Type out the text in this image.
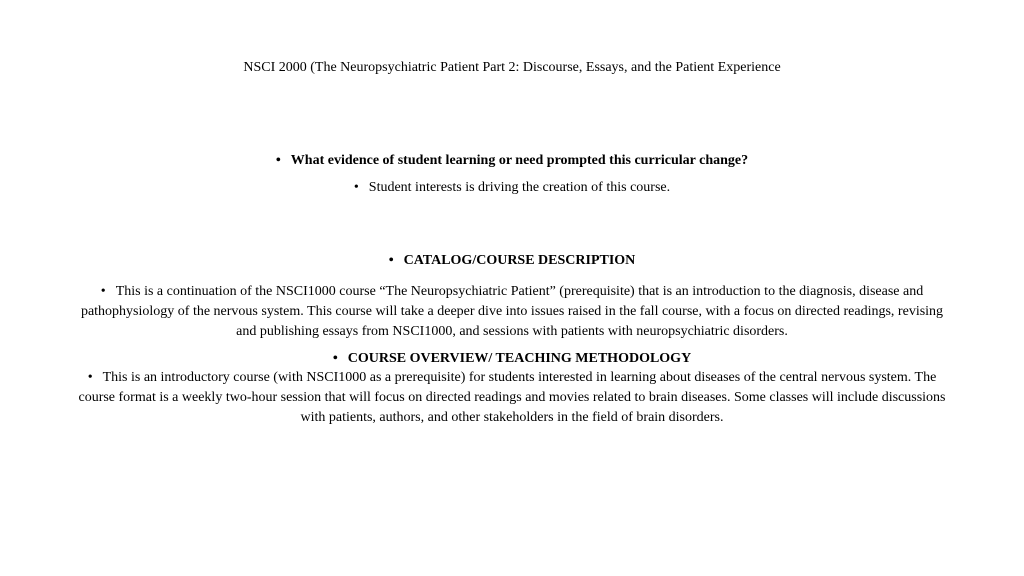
NSCI 2000 (The Neuropsychiatric Patient Part 2: Discourse, Essays, and the Patient Experience
• What evidence of student learning or need prompted this curricular change?
• Student interests is driving the creation of this course.
• CATALOG/COURSE DESCRIPTION
• This is a continuation of the NSCI1000 course “The Neuropsychiatric Patient” (prerequisite) that is an introduction to the diagnosis, disease and pathophysiology of the nervous system. This course will take a deeper dive into issues raised in the fall course, with a focus on directed readings, revising and publishing essays from NSCI1000, and sessions with patients with neuropsychiatric disorders.
• COURSE OVERVIEW/ TEACHING METHODOLOGY
• This is an introductory course (with NSCI1000 as a prerequisite) for students interested in learning about diseases of the central nervous system. The course format is a weekly two-hour session that will focus on directed readings and movies related to brain diseases. Some classes will include discussions with patients, authors, and other stakeholders in the field of brain disorders.
